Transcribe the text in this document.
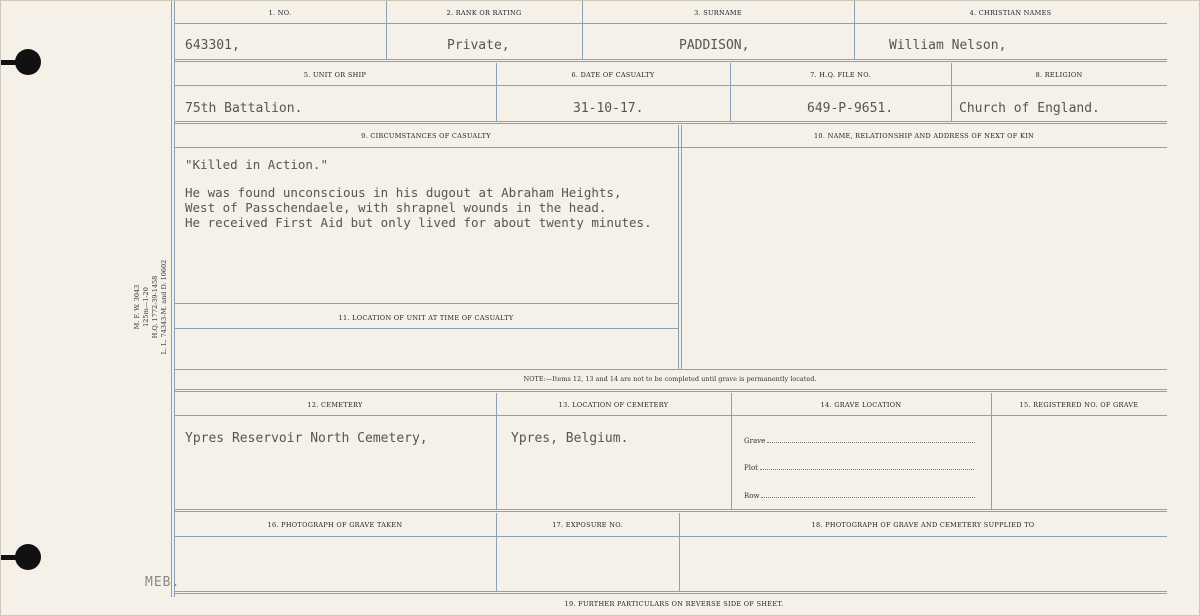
M. F. W. 3043 125m—1-20 H.Q. 1772-39-1458 L. L. 74343-M. and D. 10602
MEB.
1. NO.	2. RANK OR RATING	3. SURNAME	4. CHRISTIAN NAMES
643301,	Private,	PADDISON,	William Nelson,
5. UNIT OR SHIP	6. DATE OF CASUALTY	7. H.Q. FILE NO.	8. RELIGION
75th Battalion.	31-10-17.	649-P-9651.	Church of England.
9. CIRCUMSTANCES OF CASUALTY	10. NAME, RELATIONSHIP AND ADDRESS OF NEXT OF KIN
"Killed in Action."
He was found unconscious in his dugout at Abraham Heights,
West of Passchendaele, with shrapnel wounds in the head.
He received First Aid but only lived for about twenty minutes.
11. LOCATION OF UNIT AT TIME OF CASUALTY
NOTE:—Items 12, 13 and 14 are not to be completed until grave is permanently located.
12. CEMETERY	13. LOCATION OF CEMETERY	14. GRAVE LOCATION	15. REGISTERED NO. OF GRAVE
Ypres Reservoir North Cemetery,	Ypres, Belgium.	Grave
Plot
Row
16. PHOTOGRAPH OF GRAVE TAKEN	17. EXPOSURE NO.	18. PHOTOGRAPH OF GRAVE AND CEMETERY SUPPLIED TO
19. FURTHER PARTICULARS ON REVERSE SIDE OF SHEET.
